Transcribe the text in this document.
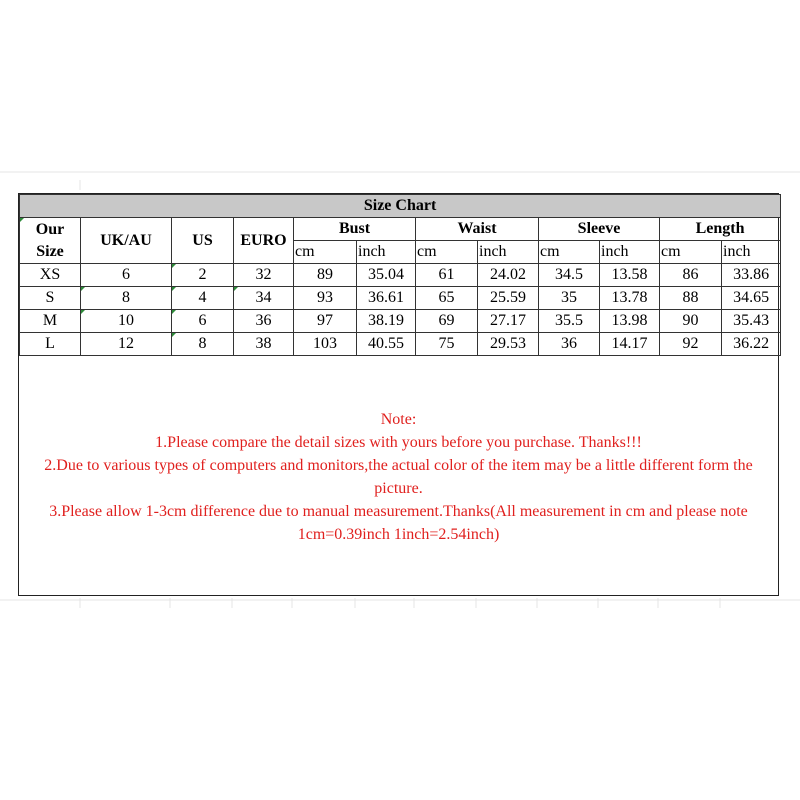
Size Chart											
Our Size	UK/AU	US	EURO	Bust		Waist		Sleeve		Length	
				cm	inch	cm	inch	cm	inch	cm	inch
XS	6	2	32	89	35.04	61	24.02	34.5	13.58	86	33.86
S	8	4	34	93	36.61	65	25.59	35	13.78	88	34.65
M	10	6	36	97	38.19	69	27.17	35.5	13.98	90	35.43
L	12	8	38	103	40.55	75	29.53	36	14.17	92	36.22

Note:

1.Please compare the detail sizes with yours before you purchase. Thanks!!!

2.Due to various types of computers and monitors,the actual color of the item may be a little different form the picture.

3.Please allow 1-3cm difference due to manual measurement.Thanks(All measurement in cm and please note 1cm=0.39inch 1inch=2.54inch)
